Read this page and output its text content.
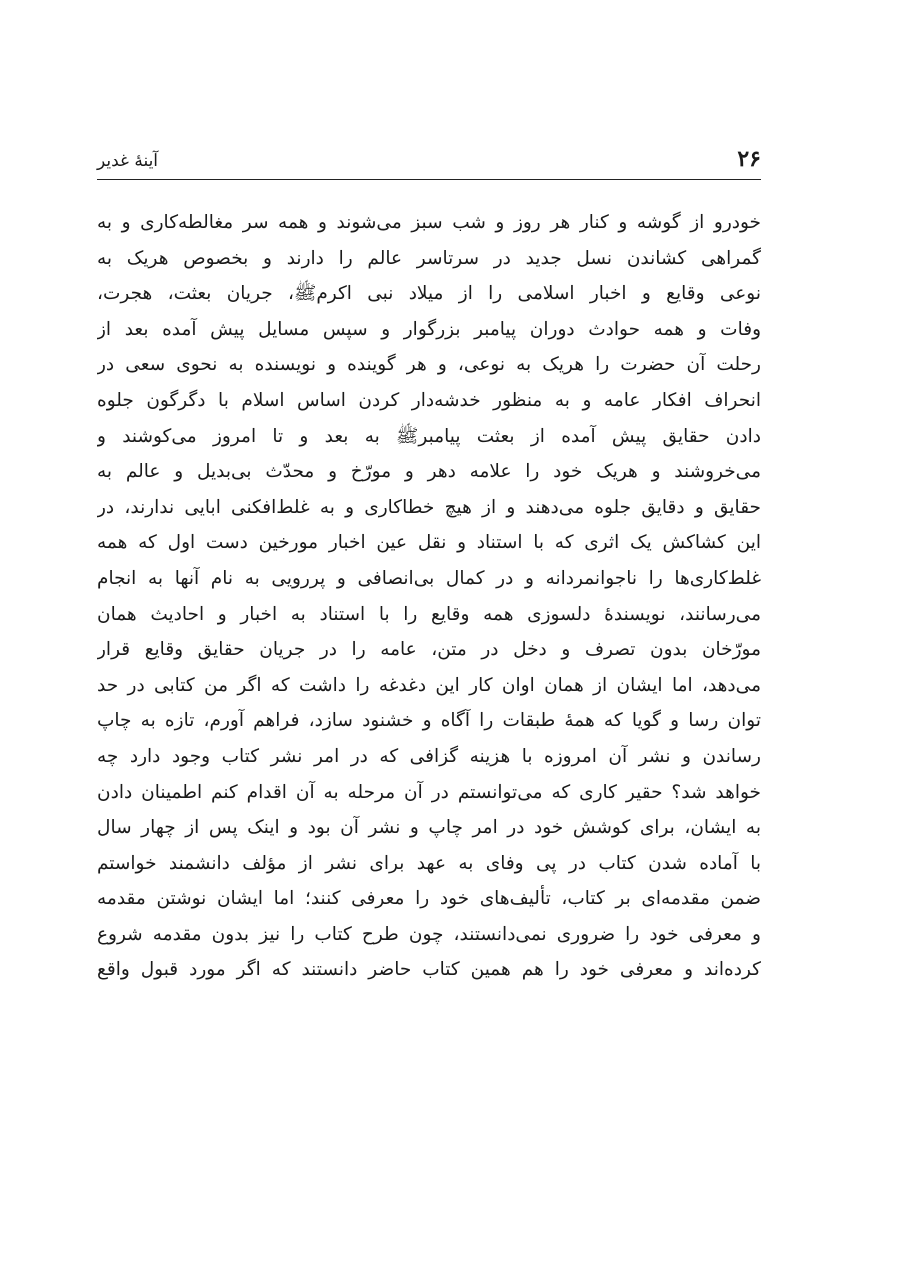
۲۶
آینۀ غدیر
خودرو از گوشه و کنار هر روز و شب سبز می‌شوند و همه سر مغالطه‌کاری و به
گمراهی کشاندن نسل جدید در سرتاسر عالم را دارند و بخصوص هریک به
نوعی وقایع و اخبار اسلامی را از میلاد نبی اکرمﷺ، جریان بعثت، هجرت،
وفات و همه حوادث دوران پیامبر بزرگوار و سپس مسایل پیش آمده بعد از
رحلت آن حضرت را هریک به نوعی، و هر گوینده و نویسنده به نحوی سعی در
انحراف افکار عامه و به منظور خدشه‌دار کردن اساس اسلام با دگرگون جلوه
دادن حقایق پیش آمده از بعثت پیامبرﷺ به بعد و تا امروز می‌کوشند و
می‌خروشند و هریک خود را علامه دهر و مورّخ و محدّث بی‌بدیل و عالم به
حقایق و دقایق جلوه می‌دهند و از هیچ خطاکاری و به غلط‌افکنی ابایی ندارند، در
این کشاکش یک اثری که با استناد و نقل عین اخبار مورخین دست اول که همه
غلط‌کاری‌ها را ناجوانمردانه و در کمال بی‌انصافی و پررویی به نام آنها به انجام
می‌رسانند، نویسندۀ دلسوزی همه وقایع را با استناد به اخبار و احادیث همان
مورّخان بدون تصرف و دخل در متن، عامه را در جریان حقایق وقایع قرار
می‌دهد، اما ایشان از همان اوان کار این دغدغه را داشت که اگر من کتابی در حد
توان رسا و گویا که همۀ طبقات را آگاه و خشنود سازد، فراهم آورم، تازه به چاپ
رساندن و نشر آن امروزه با هزینه گزافی که در امر نشر کتاب وجود دارد چه
خواهد شد؟ حقیر کاری که می‌توانستم در آن مرحله به آن اقدام کنم اطمینان دادن
به ایشان، برای کوشش خود در امر چاپ و نشر آن بود و اینک پس از چهار سال
با آماده شدن کتاب در پی وفای به عهد برای نشر از مؤلف دانشمند خواستم
ضمن مقدمه‌ای بر کتاب، تألیف‌های خود را معرفی کنند؛ اما ایشان نوشتن مقدمه
و معرفی خود را ضروری نمی‌دانستند، چون طرح کتاب را نیز بدون مقدمه شروع
کرده‌اند و معرفی خود را هم همین کتاب حاضر دانستند که اگر مورد قبول واقع
